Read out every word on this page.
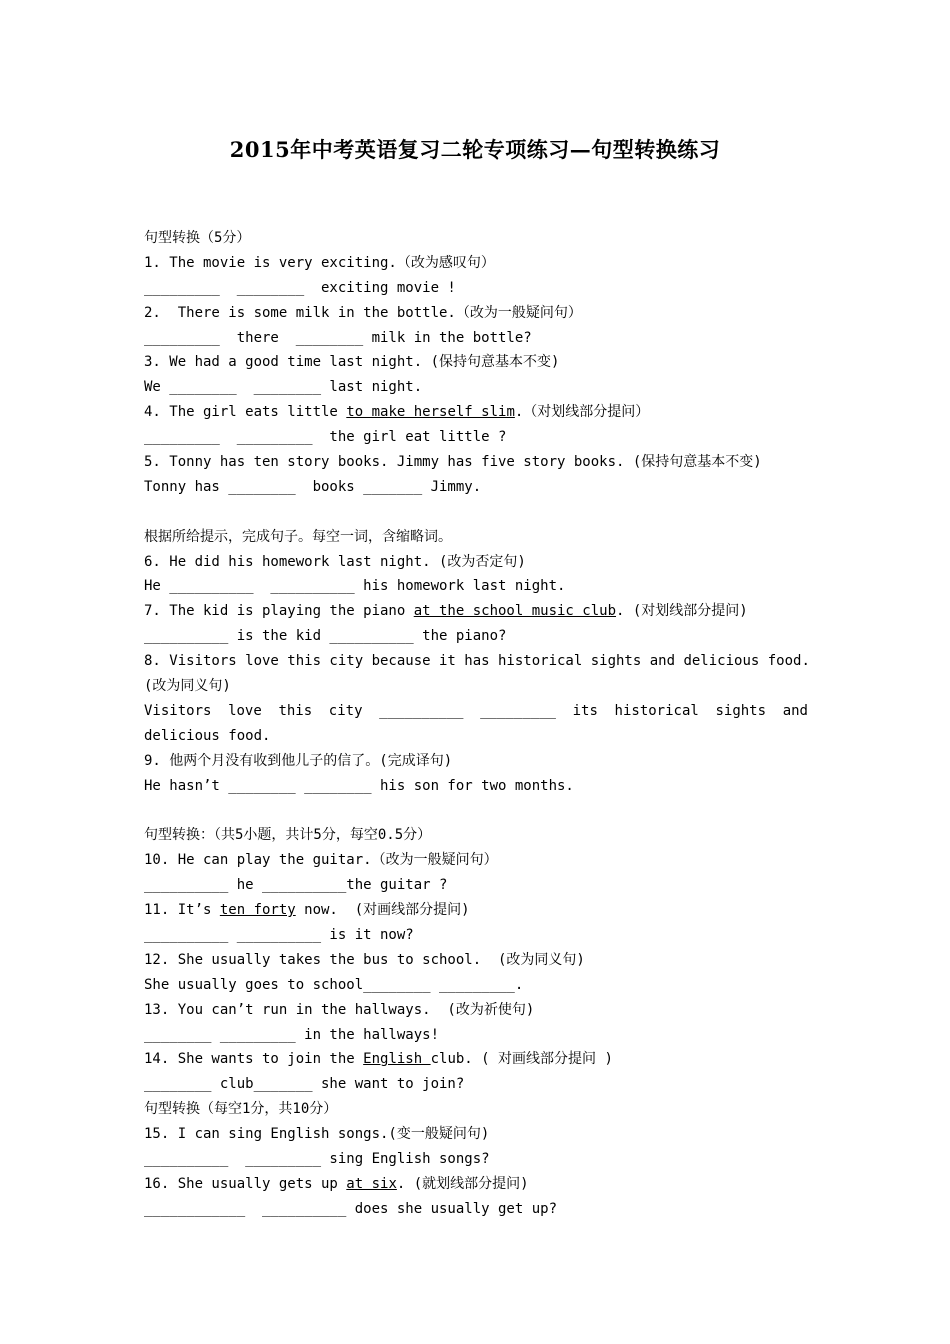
2015年中考英语复习二轮专项练习—句型转换练习
句型转换（5分）
1. The movie is very exciting.（改为感叹句）
_________  ________  exciting movie !
2.  There is some milk in the bottle.（改为一般疑问句）
_________  there  ________ milk in the bottle?
3. We had a good time last night. (保持句意基本不变)
We ________  ________ last night.
4. The girl eats little to make herself slim.（对划线部分提问）
_________  _________  the girl eat little ?
5. Tonny has ten story books. Jimmy has five story books. (保持句意基本不变)
Tonny has ________  books _______ Jimmy.
根据所给提示，完成句子。每空一词，含缩略词。
6. He did his homework last night. (改为否定句)
He __________  __________ his homework last night.
7. The kid is playing the piano at the school music club. (对划线部分提问)
__________ is the kid __________ the piano?
8. Visitors love this city because it has historical sights and delicious food.
(改为同义句)
Visitors love this city __________ _________ its historical sights and
delicious food.
9. 他两个月没有收到他儿子的信了。(完成译句)
He hasn’t ________ ________ his son for two months.
句型转换：（共5小题，共计5分，每空0.5分）
10. He can play the guitar.（改为一般疑问句）
__________ he __________the guitar ?
11. It’s ten forty now.  (对画线部分提问)
__________ __________ is it now?
12. She usually takes the bus to school.  (改为同义句)
She usually goes to school________ _________.
13. You can’t run in the hallways.  (改为祈使句)
________ _________ in the hallways!
14. She wants to join the English club. ( 对画线部分提问 )
________ club_______ she want to join?
句型转换（每空1分，共10分）
15. I can sing English songs.(变一般疑问句)
__________  _________ sing English songs?
16. She usually gets up at six. (就划线部分提问)
____________  __________ does she usually get up?
